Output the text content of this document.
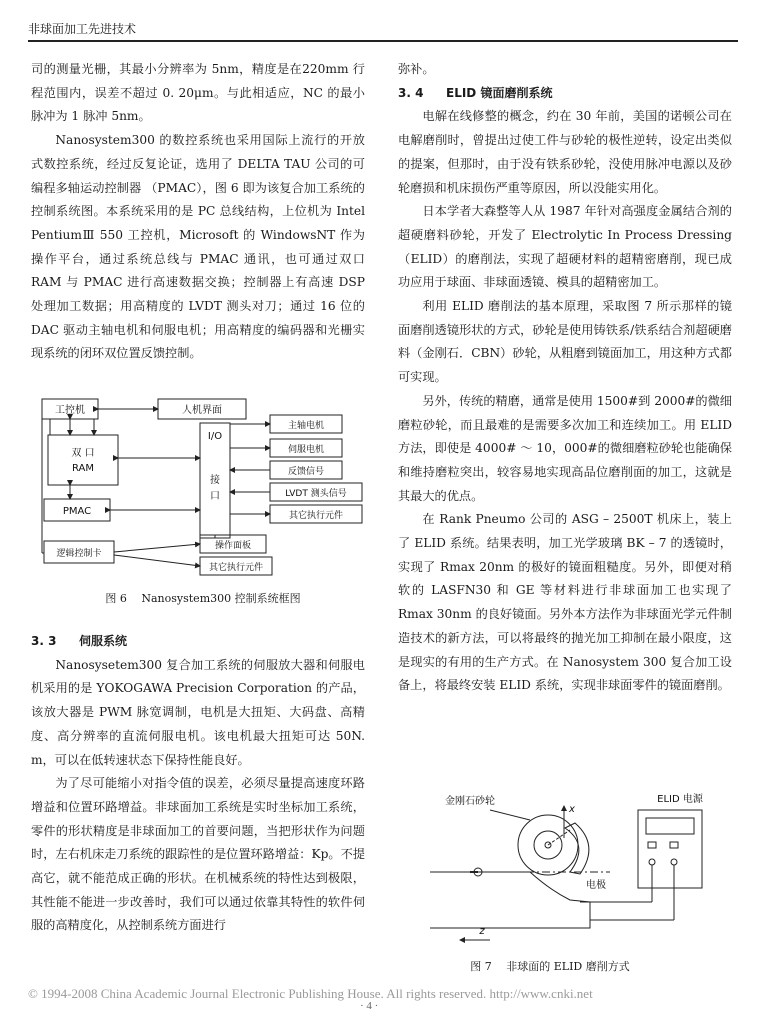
非球面加工先进技术

司的测量光栅，其最小分辨率为 5nm，精度是在220mm 行程范围内，误差不超过 0. 20μm。与此相适应，NC 的最小脉冲为 1 脉冲 5nm。

Nanosystem300 的数控系统也采用国际上流行的开放式数控系统，经过反复论证，选用了 DELTA TAU 公司的可编程多轴运动控制器 （PMAC），图 6 即为该复合加工系统的控制系统图。本系统采用的是 PC 总线结构，上位机为 Intel PentiumⅢ 550 工控机，Microsoft 的 WindowsNT 作为操作平台，通过系统总线与 PMAC 通讯，也可通过双口 RAM 与 PMAC 进行高速数据交换；控制器上有高速 DSP 处理加工数据；用高精度的 LVDT 测头对刀；通过 16 位的 DAC 驱动主轴电机和伺服电机；用高精度的编码器和光栅实现系统的闭环双位置反馈控制。

工控机	人机界面
双 口
RAM
I/O
接
口
主轴电机
伺服电机
反馈信号
LVDT 测头信号
其它执行元件
PMAC
逻辑控制卡
操作面板
其它执行元件
图 6　 Nanosystem300 控制系统框图

3. 3 伺服系统

Nanosysetem300 复合加工系统的伺服放大器和伺服电机采用的是 YOKOGAWA Precision Corporation 的产品，该放大器是 PWM 脉宽调制，电机是大扭矩、大码盘、高精度、高分辨率的直流伺服电机。该电机最大扭矩可达 50N. m，可以在低转速状态下保持性能良好。

为了尽可能缩小对指令值的误差，必须尽量提高速度环路增益和位置环路增益。非球面加工系统是实时坐标加工系统，零件的形状精度是非球面加工的首要问题，当把形状作为问题时，左右机床走刀系统的跟踪性的是位置环路增益：Kp。不提高它，就不能范成正确的形状。在机械系统的特性达到极限，其性能不能进一步改善时，我们可以通过依靠其特性的软件伺服的高精度化，从控制系统方面进行

弥补。

3. 4 ELID 镜面磨削系统

电解在线修整的概念，约在 30 年前，美国的诺顿公司在电解磨削时，曾提出过使工件与砂轮的极性逆转，设定出类似的提案，但那时，由于没有铁系砂轮，没使用脉冲电源以及砂轮磨损和机床损伤严重等原因，所以没能实用化。

日本学者大森整等人从 1987 年针对高强度金属结合剂的超硬磨料砂轮，开发了 Electrolytic In Process Dressing（ELID）的磨削法，实现了超硬材料的超精密磨削，现已成功应用于球面、非球面透镜、模具的超精密加工。

利用 ELID 磨削法的基本原理，采取图 7 所示那样的镜面磨削透镜形状的方式，砂轮是使用铸铁系/铁系结合剂超硬磨料（金刚石．CBN）砂轮，从粗磨到镜面加工，用这种方式都可实现。

另外，传统的精磨，通常是使用 1500#到 2000#的微细磨粒砂轮，而且最难的是需要多次加工和连续加工。用 ELID 方法，即使是 4000# ～ 10，000#的微细磨粒砂轮也能确保和维持磨粒突出，较容易地实现高品位磨削面的加工，这就是其最大的优点。

在 Rank Pneumo 公司的 ASG – 2500T 机床上，装上了 ELID 系统。结果表明，加工光学玻璃 BK – 7 的透镜时，实现了 Rmax 20nm 的极好的镜面粗糙度。另外，即便对稍软的 LASFN30 和 GE 等材料进行非球面加工也实现了 Rmax 30nm 的良好镜面。另外本方法作为非球面光学元件制造技术的新方法，可以将最终的抛光加工抑制在最小限度，这是现实的有用的生产方式。在 Nanosystem 300 复合加工设备上，将最终安装 ELID 系统，实现非球面零件的镜面磨削。

金刚石砂轮	ELID 电源
电极
x
z
图 7　 非球面的 ELID 磨削方式
© 1994-2008 China Academic Journal Electronic Publishing House. All rights reserved. http://www.cnki.net
· 4 ·
